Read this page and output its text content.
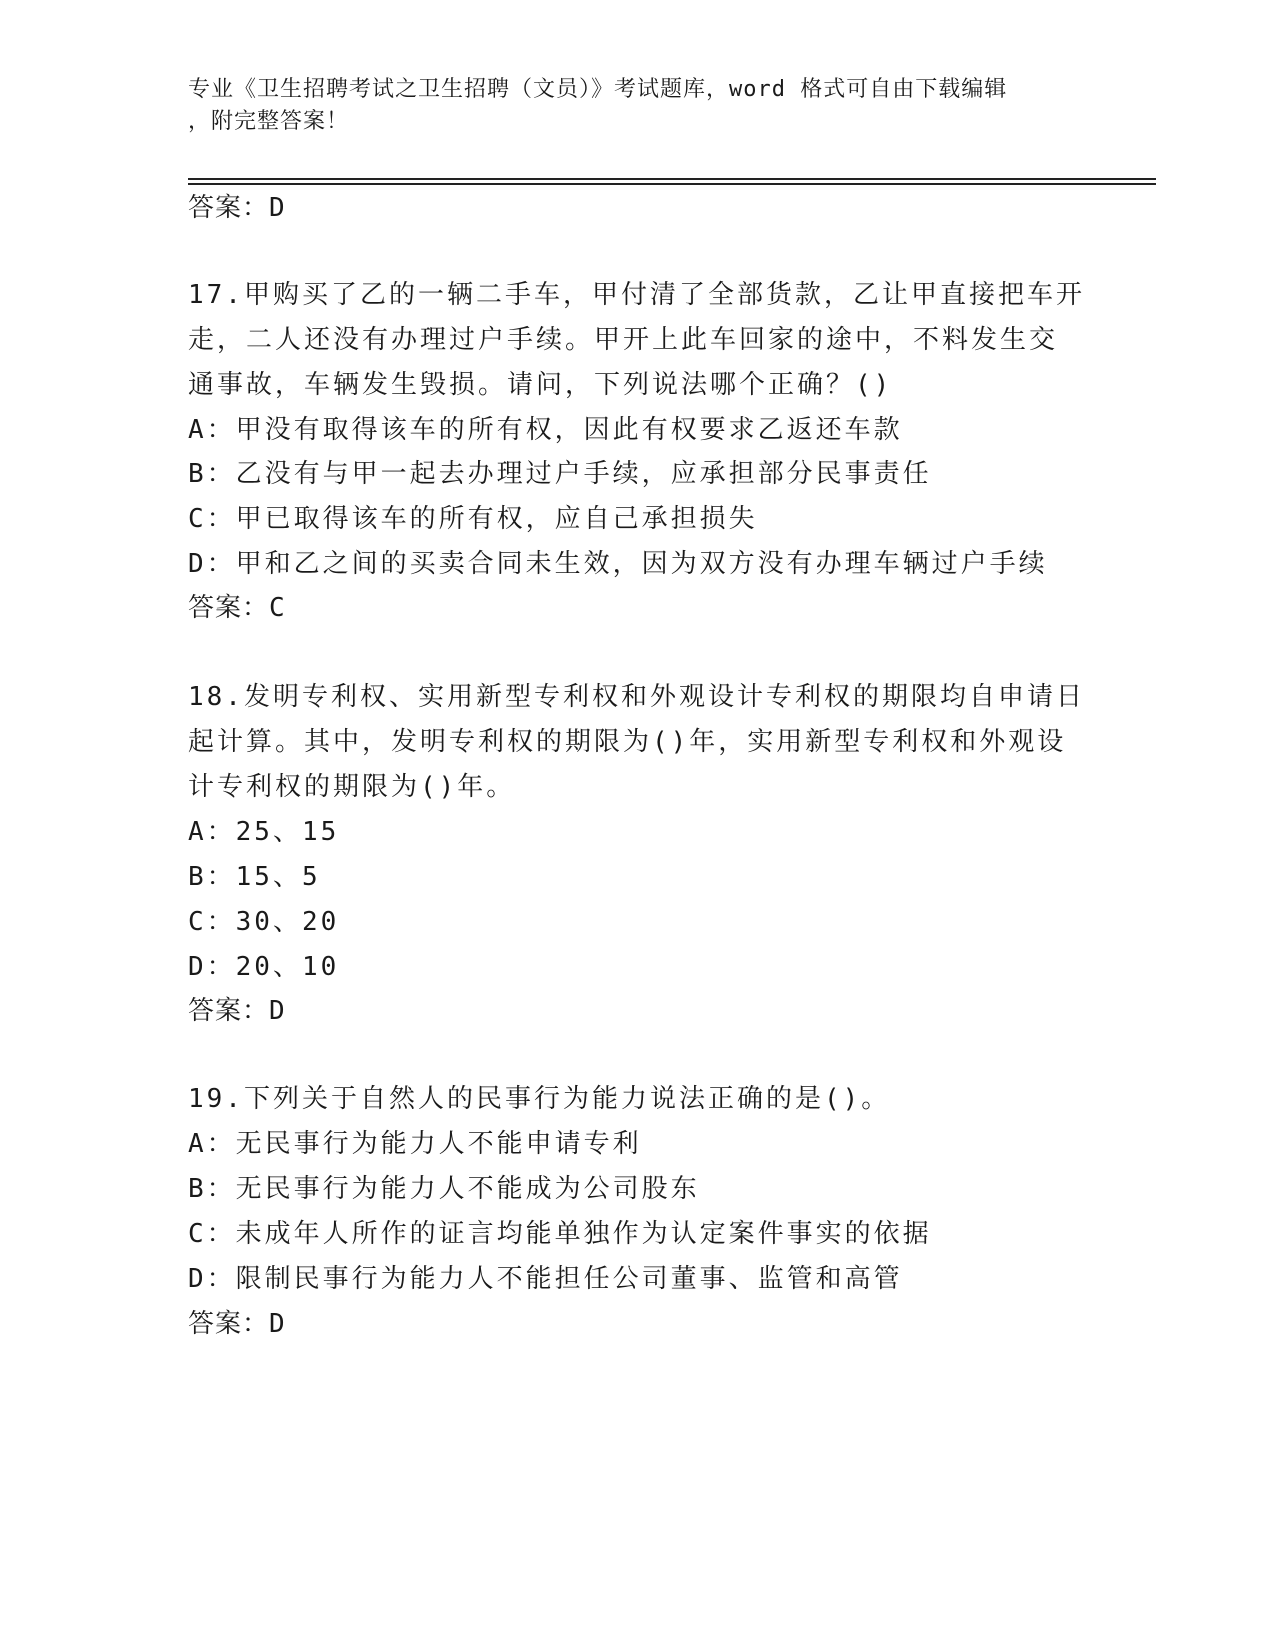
专业《卫生招聘考试之卫生招聘（文员）》考试题库，word 格式可自由下载编辑
，附完整答案！
答案：D
17.甲购买了乙的一辆二手车，甲付清了全部货款，乙让甲直接把车开
走，二人还没有办理过户手续。甲开上此车回家的途中，不料发生交
通事故，车辆发生毁损。请问，下列说法哪个正确？()
A：甲没有取得该车的所有权，因此有权要求乙返还车款
B：乙没有与甲一起去办理过户手续，应承担部分民事责任
C：甲已取得该车的所有权，应自己承担损失
D：甲和乙之间的买卖合同未生效，因为双方没有办理车辆过户手续
答案：C
18.发明专利权、实用新型专利权和外观设计专利权的期限均自申请日
起计算。其中，发明专利权的期限为()年，实用新型专利权和外观设
计专利权的期限为()年。
A：25、15
B：15、5
C：30、20
D：20、10
答案：D
19.下列关于自然人的民事行为能力说法正确的是()。
A：无民事行为能力人不能申请专利
B：无民事行为能力人不能成为公司股东
C：未成年人所作的证言均能单独作为认定案件事实的依据
D：限制民事行为能力人不能担任公司董事、监管和高管
答案：D
